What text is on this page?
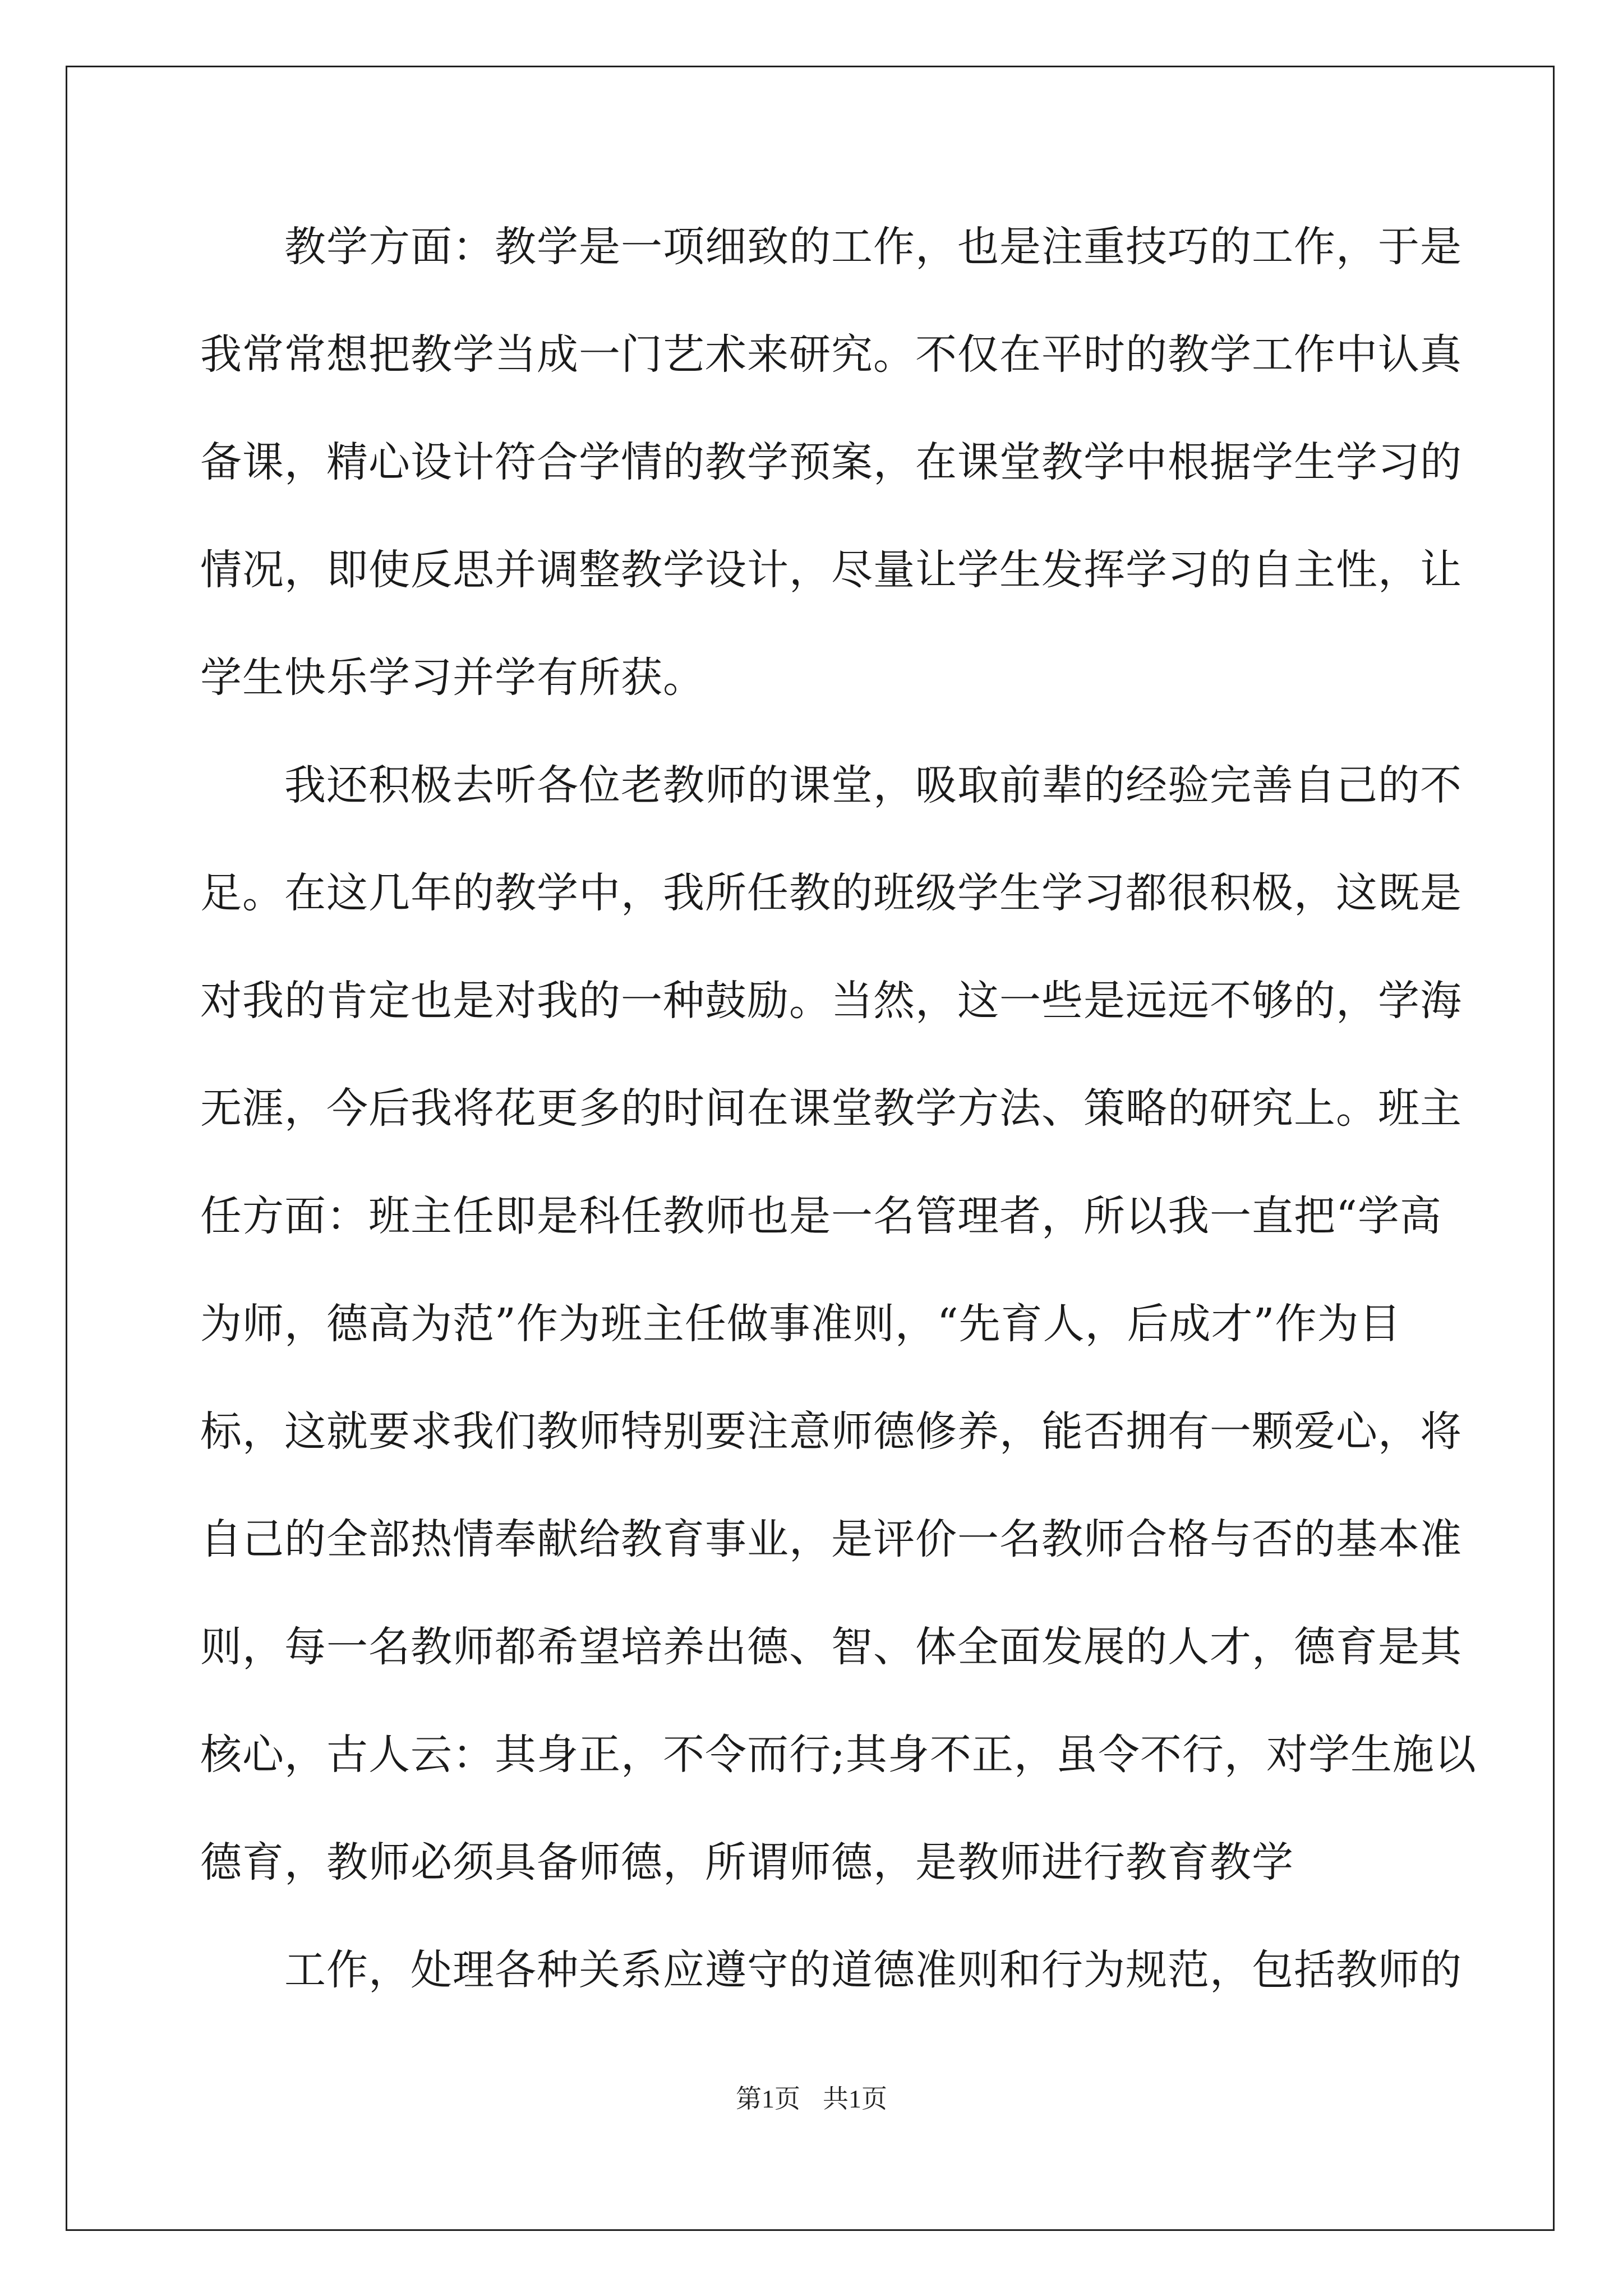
　　教学方面：教学是一项细致的工作，也是注重技巧的工作，于是
我常常想把教学当成一门艺术来研究。不仅在平时的教学工作中认真
备课，精心设计符合学情的教学预案，在课堂教学中根据学生学习的
情况，即使反思并调整教学设计，尽量让学生发挥学习的自主性，让
学生快乐学习并学有所获。
　　我还积极去听各位老教师的课堂，吸取前辈的经验完善自己的不
足。在这几年的教学中，我所任教的班级学生学习都很积极，这既是
对我的肯定也是对我的一种鼓励。当然，这一些是远远不够的，学海
无涯，今后我将花更多的时间在课堂教学方法、策略的研究上。班主
任方面：班主任即是科任教师也是一名管理者，所以我一直把“学高
为师，德高为范”作为班主任做事准则，“先育人，后成才”作为目
标，这就要求我们教师特别要注意师德修养，能否拥有一颗爱心，将
自己的全部热情奉献给教育事业，是评价一名教师合格与否的基本准
则，每一名教师都希望培养出德、智、体全面发展的人才，德育是其
核心，古人云：其身正，不令而行;其身不正，虽令不行，对学生施以
德育，教师必须具备师德，所谓师德，是教师进行教育教学
　　工作，处理各种关系应遵守的道德准则和行为规范，包括教师的
第1页 共1页
